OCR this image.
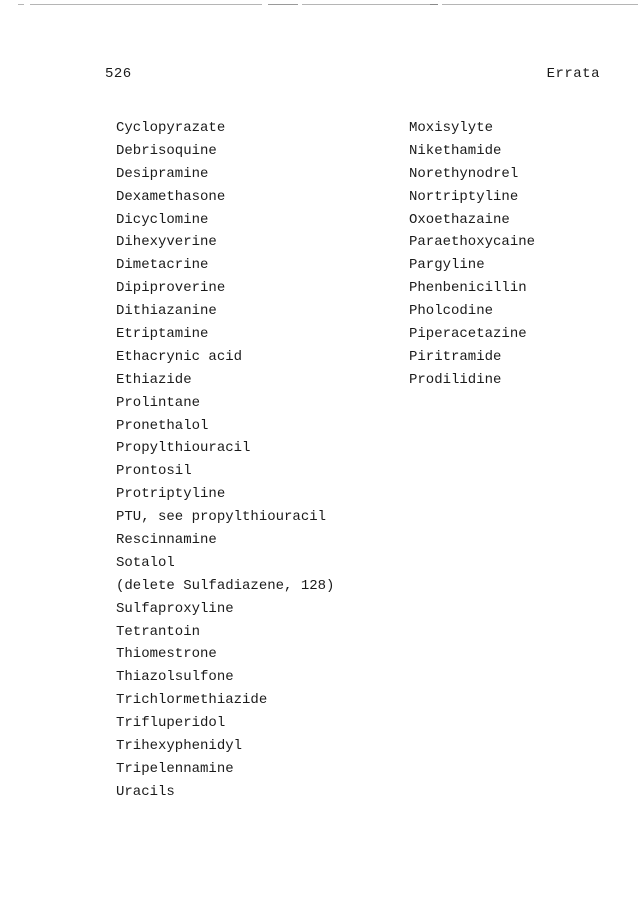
526	Errata
Cyclopyrazate
Debrisoquine
Desipramine
Dexamethasone
Dicyclomine
Dihexyverine
Dimetacrine
Dipiproverine
Dithiazanine
Etriptamine
Ethacrynic acid
Ethiazide
Prolintane
Pronethalol
Propylthiouracil
Prontosil
Protriptyline
PTU, see propylthiouracil
Rescinnamine
Sotalol
(delete Sulfadiazene, 128)
Sulfaproxyline
Tetrantoin
Thiomestrone
Thiazolsulfone
Trichlormethiazide
Trifluperidol
Trihexyphenidyl
Tripelennamine
Uracils
Moxisylyte
Nikethamide
Norethynodrel
Nortriptyline
Oxoethazaine
Paraethoxycaine
Pargyline
Phenbenicillin
Pholcodine
Piperacetazine
Piritramide
Prodilidine
